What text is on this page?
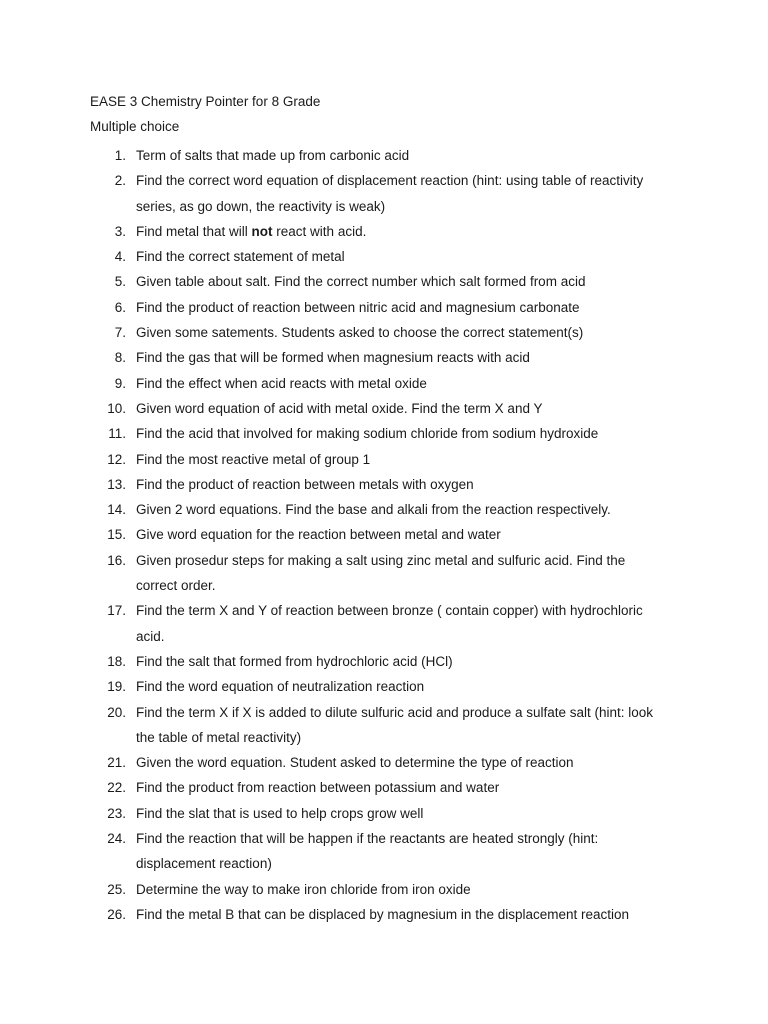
EASE 3 Chemistry Pointer for 8 Grade
Multiple choice
1. Term of salts that made up from carbonic acid
2. Find the correct word equation of displacement reaction (hint: using table of reactivity
series, as go down, the reactivity is weak)
3. Find metal that will not react with acid.
4. Find the correct statement of metal
5. Given table about salt. Find the correct number which salt formed from acid
6. Find the product of reaction between nitric acid and magnesium carbonate
7. Given some satements. Students asked to choose the correct statement(s)
8. Find the gas that will be formed when magnesium reacts with acid
9. Find the effect when acid reacts with metal oxide
10. Given word equation of acid with metal oxide. Find the term X and Y
11. Find the acid that involved for making sodium chloride from sodium hydroxide
12. Find the most reactive metal of group 1
13. Find the product of reaction between metals with oxygen
14. Given 2 word equations. Find the base and alkali from the reaction respectively.
15. Give word equation for the reaction between metal and water
16. Given prosedur steps for making a salt using zinc metal and sulfuric acid. Find the
correct order.
17. Find the term X and Y of reaction between bronze ( contain copper) with hydrochloric
acid.
18. Find the salt that formed from hydrochloric acid (HCl)
19. Find the word equation of neutralization reaction
20. Find the term X if X is added to dilute sulfuric acid and produce a sulfate salt (hint: look
the table of metal reactivity)
21. Given the word equation. Student asked to determine the type of reaction
22. Find the product from reaction between potassium and water
23. Find the slat that is used to help crops grow well
24. Find the reaction that will be happen if the reactants are heated strongly (hint:
displacement reaction)
25. Determine the way to make iron chloride from iron oxide
26. Find the metal B that can be displaced by magnesium in the displacement reaction
